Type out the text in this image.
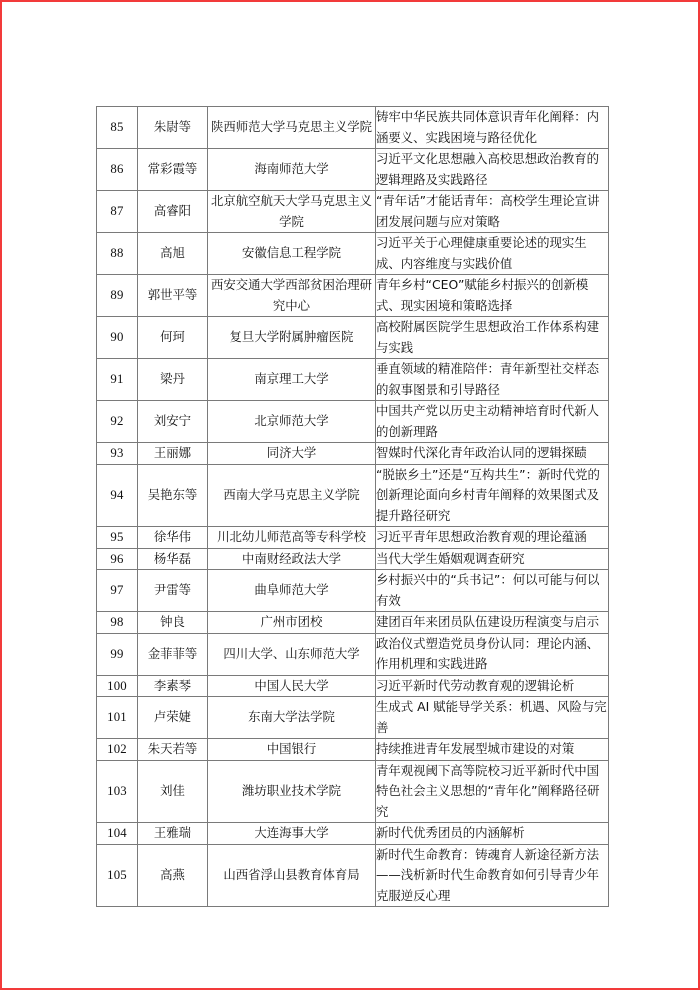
85	朱尉等	陕西师范大学马克思主义学院	铸牢中华民族共同体意识青年化阐释：内涵要义、实践困境与路径优化
86	常彩霞等	海南师范大学	习近平文化思想融入高校思想政治教育的逻辑理路及实践路径
87	高睿阳	北京航空航天大学马克思主义学院	“青年话”才能话青年：高校学生理论宣讲团发展问题与应对策略
88	高旭	安徽信息工程学院	习近平关于心理健康重要论述的现实生成、内容维度与实践价值
89	郭世平等	西安交通大学西部贫困治理研究中心	青年乡村“CEO”赋能乡村振兴的创新模式、现实困境和策略选择
90	何珂	复旦大学附属肿瘤医院	高校附属医院学生思想政治工作体系构建与实践
91	梁丹	南京理工大学	垂直领域的精准陪伴：青年新型社交样态的叙事图景和引导路径
92	刘安宁	北京师范大学	中国共产党以历史主动精神培育时代新人的创新理路
93	王丽娜	同济大学	智媒时代深化青年政治认同的逻辑探赜
94	吴艳东等	西南大学马克思主义学院	“脱嵌乡土”还是“互构共生”：新时代党的创新理论面向乡村青年阐释的效果图式及提升路径研究
95	徐华伟	川北幼儿师范高等专科学校	习近平青年思想政治教育观的理论蕴涵
96	杨华磊	中南财经政法大学	当代大学生婚姻观调查研究
97	尹雷等	曲阜师范大学	乡村振兴中的“兵书记”：何以可能与何以有效
98	钟良	广州市团校	建团百年来团员队伍建设历程演变与启示
99	金菲菲等	四川大学、山东师范大学	政治仪式塑造党员身份认同：理论内涵、作用机理和实践进路
100	李素琴	中国人民大学	习近平新时代劳动教育观的逻辑论析
101	卢荣婕	东南大学法学院	生成式 AI 赋能导学关系：机遇、风险与完善
102	朱天若等	中国银行	持续推进青年发展型城市建设的对策
103	刘佳	潍坊职业技术学院	青年观视阈下高等院校习近平新时代中国特色社会主义思想的“青年化”阐释路径研究
104	王雅瑞	大连海事大学	新时代优秀团员的内涵解析
105	高燕	山西省浮山县教育体育局	新时代生命教育：铸魂育人新途径新方法——浅析新时代生命教育如何引导青少年克服逆反心理
